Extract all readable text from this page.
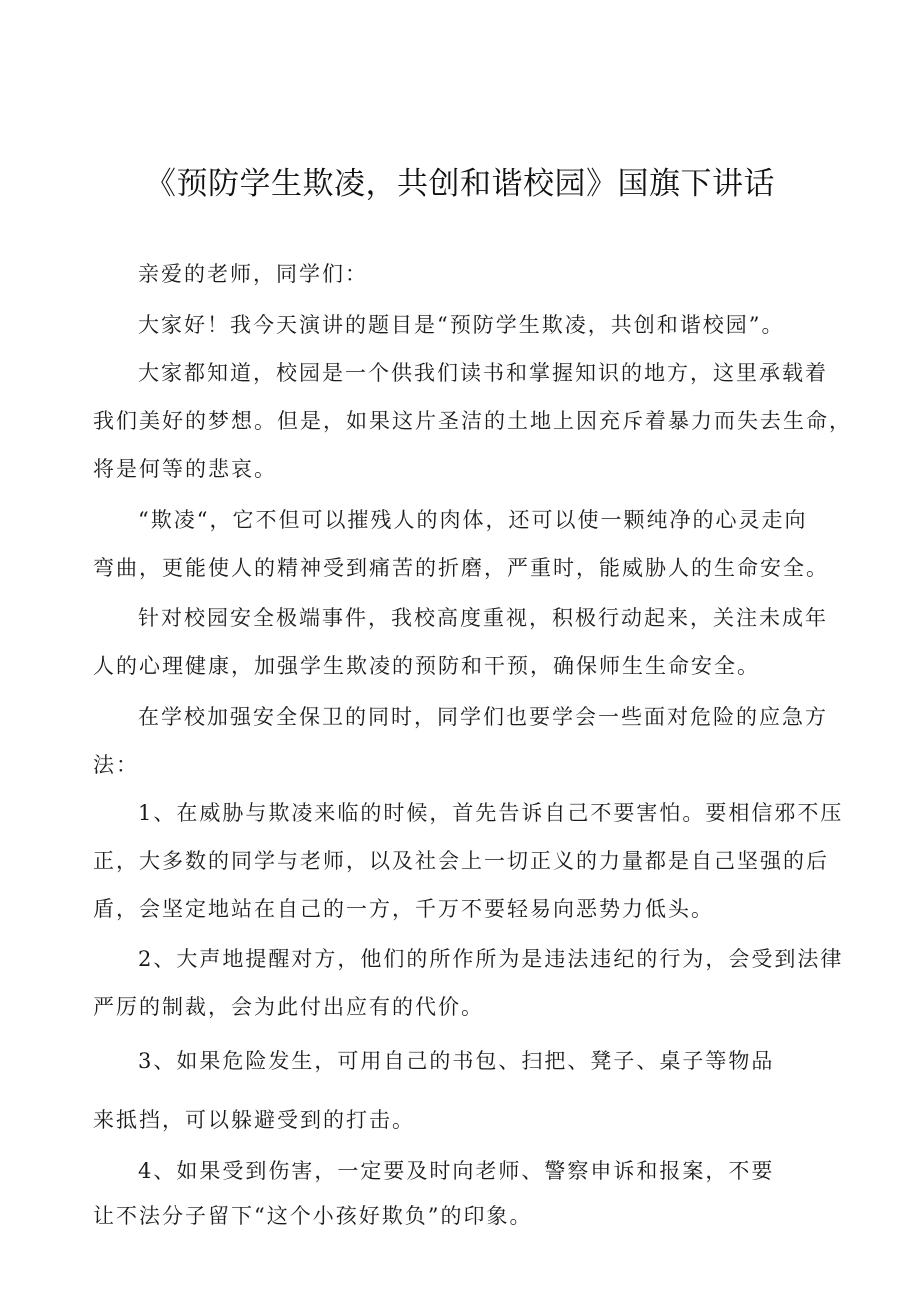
《预防学生欺凌，共创和谐校园》国旗下讲话

亲爱的老师，同学们：

大家好！我今天演讲的题目是“预防学生欺凌，共创和谐校园”。

大家都知道，校园是一个供我们读书和掌握知识的地方，这里承载着

我们美好的梦想。但是，如果这片圣洁的土地上因充斥着暴力而失去生命，

将是何等的悲哀。

“欺凌“，它不但可以摧残人的肉体，还可以使一颗纯净的心灵走向

弯曲，更能使人的精神受到痛苦的折磨，严重时，能威胁人的生命安全。

针对校园安全极端事件，我校高度重视，积极行动起来，关注未成年

人的心理健康，加强学生欺凌的预防和干预，确保师生生命安全。

在学校加强安全保卫的同时，同学们也要学会一些面对危险的应急方

法：

1、在威胁与欺凌来临的时候，首先告诉自己不要害怕。要相信邪不压

正，大多数的同学与老师，以及社会上一切正义的力量都是自己坚强的后

盾，会坚定地站在自己的一方，千万不要轻易向恶势力低头。

2、大声地提醒对方，他们的所作所为是违法违纪的行为，会受到法律

严厉的制裁，会为此付出应有的代价。

3、如果危险发生，可用自己的书包、扫把、凳子、桌子等物品

来抵挡，可以躲避受到的打击。

4、如果受到伤害，一定要及时向老师、警察申诉和报案，不要

让不法分子留下“这个小孩好欺负”的印象。
